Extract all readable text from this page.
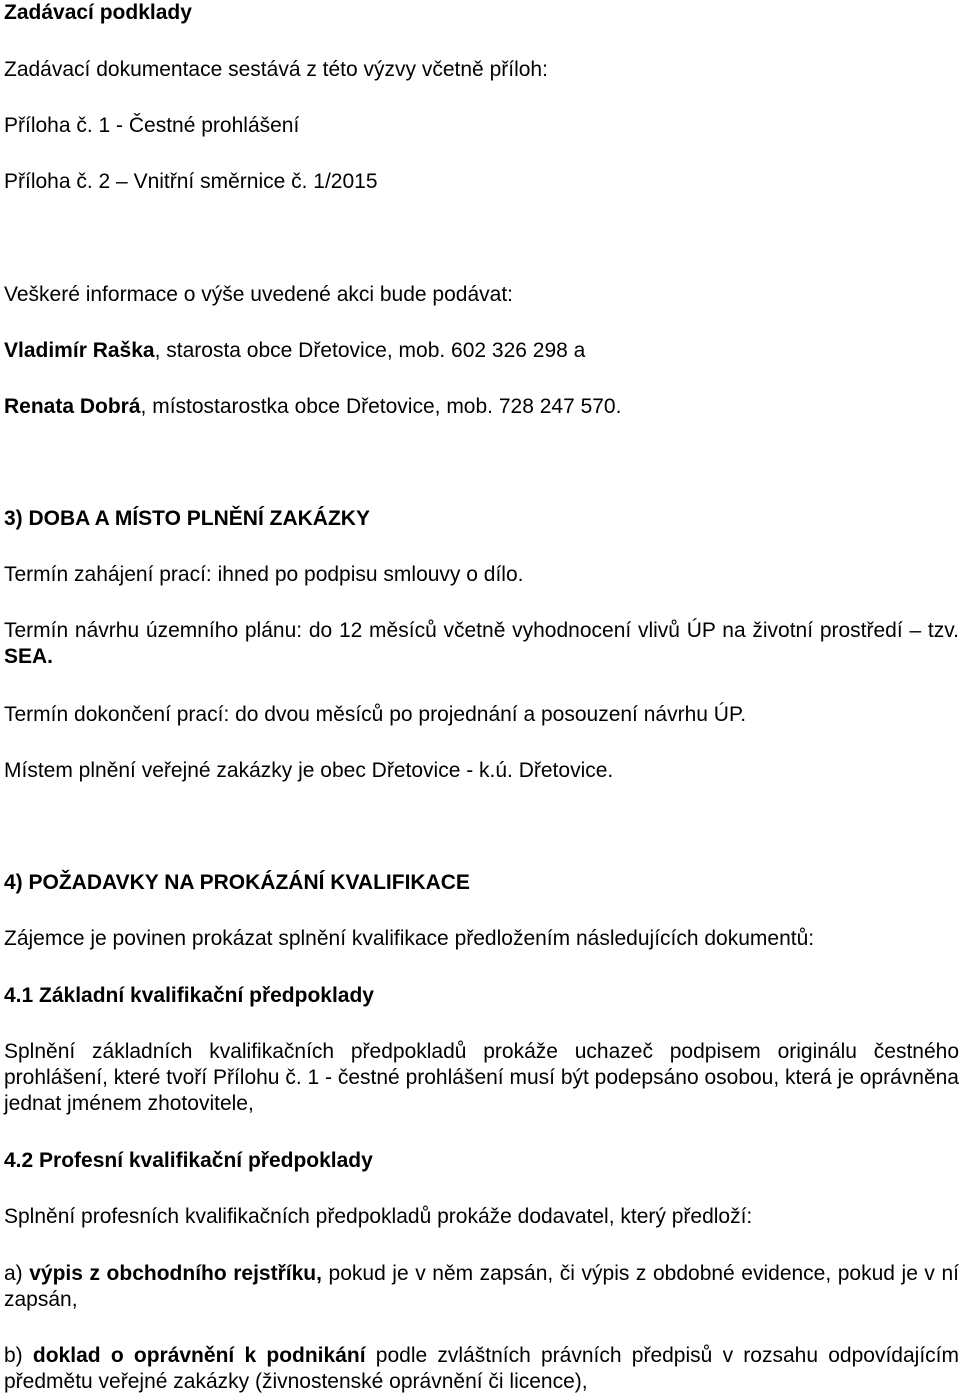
Zadávací podklady

Zadávací dokumentace sestává z této výzvy včetně příloh:

Příloha č. 1 - Čestné prohlášení

Příloha č. 2 – Vnitřní směrnice č. 1/2015

Veškeré informace o výše uvedené akci bude podávat:

Vladimír Raška, starosta obce Dřetovice, mob. 602 326 298 a

Renata Dobrá, místostarostka obce Dřetovice, mob. 728 247 570.

3) DOBA A MÍSTO PLNĚNÍ ZAKÁZKY

Termín zahájení prací: ihned po podpisu smlouvy o dílo.

Termín návrhu územního plánu: do 12 měsíců včetně vyhodnocení vlivů ÚP na životní prostředí – tzv. SEA.

Termín dokončení prací: do dvou měsíců po projednání a posouzení návrhu ÚP.

Místem plnění veřejné zakázky je obec Dřetovice - k.ú. Dřetovice.

4) POŽADAVKY NA PROKÁZÁNÍ KVALIFIKACE

Zájemce je povinen prokázat splnění kvalifikace předložením následujících dokumentů:

4.1 Základní kvalifikační předpoklady

Splnění základních kvalifikačních předpokladů prokáže uchazeč podpisem originálu čestného prohlášení, které tvoří Přílohu č. 1 - čestné prohlášení musí být podepsáno osobou, která je oprávněna jednat jménem zhotovitele,

4.2 Profesní kvalifikační předpoklady

Splnění profesních kvalifikačních předpokladů prokáže dodavatel, který předloží:

a) výpis z obchodního rejstříku, pokud je v něm zapsán, či výpis z obdobné evidence, pokud je v ní zapsán,

b) doklad o oprávnění k podnikání podle zvláštních právních předpisů v rozsahu odpovídajícím předmětu veřejné zakázky (živnostenské oprávnění či licence),
